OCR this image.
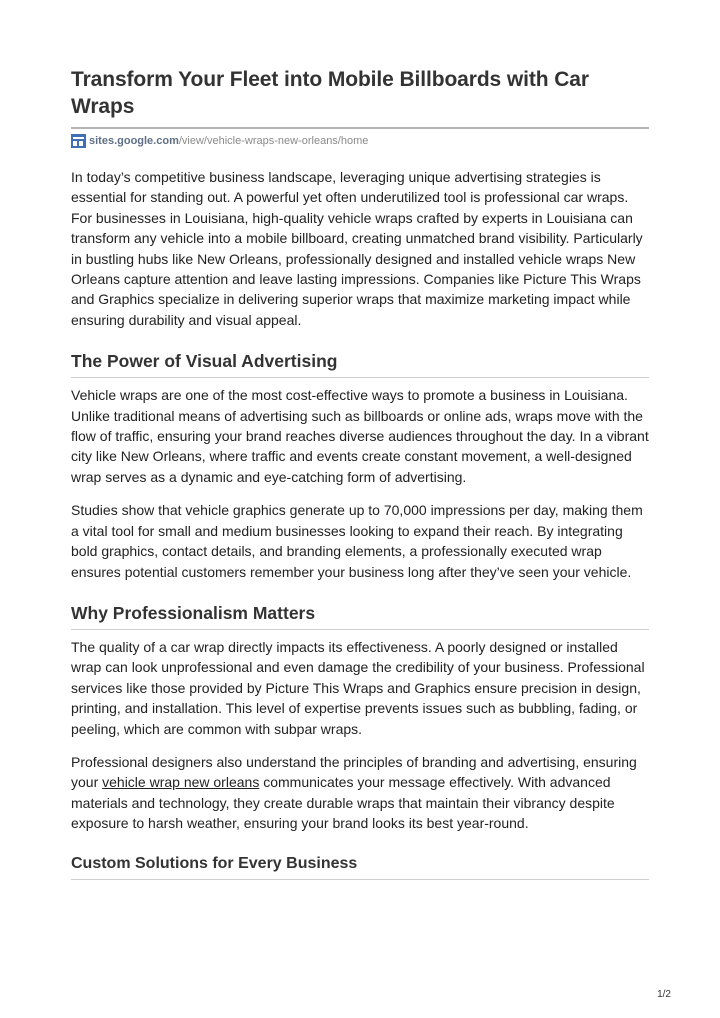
Transform Your Fleet into Mobile Billboards with Car Wraps
sites.google.com /view/vehicle-wraps-new-orleans/home

In today’s competitive business landscape, leveraging unique advertising strategies is essential for standing out. A powerful yet often underutilized tool is professional car wraps. For businesses in Louisiana, high-quality vehicle wraps crafted by experts in Louisiana can transform any vehicle into a mobile billboard, creating unmatched brand visibility. Particularly in bustling hubs like New Orleans, professionally designed and installed vehicle wraps New Orleans capture attention and leave lasting impressions. Companies like Picture This Wraps and Graphics specialize in delivering superior wraps that maximize marketing impact while ensuring durability and visual appeal.

The Power of Visual Advertising

Vehicle wraps are one of the most cost-effective ways to promote a business in Louisiana. Unlike traditional means of advertising such as billboards or online ads, wraps move with the flow of traffic, ensuring your brand reaches diverse audiences throughout the day. In a vibrant city like New Orleans, where traffic and events create constant movement, a well-designed wrap serves as a dynamic and eye-catching form of advertising.

Studies show that vehicle graphics generate up to 70,000 impressions per day, making them a vital tool for small and medium businesses looking to expand their reach. By integrating bold graphics, contact details, and branding elements, a professionally executed wrap ensures potential customers remember your business long after they’ve seen your vehicle.

Why Professionalism Matters

The quality of a car wrap directly impacts its effectiveness. A poorly designed or installed wrap can look unprofessional and even damage the credibility of your business. Professional services like those provided by Picture This Wraps and Graphics ensure precision in design, printing, and installation. This level of expertise prevents issues such as bubbling, fading, or peeling, which are common with subpar wraps.

Professional designers also understand the principles of branding and advertising, ensuring your vehicle wrap new orleans communicates your message effectively. With advanced materials and technology, they create durable wraps that maintain their vibrancy despite exposure to harsh weather, ensuring your brand looks its best year-round.

Custom Solutions for Every Business
1/2
